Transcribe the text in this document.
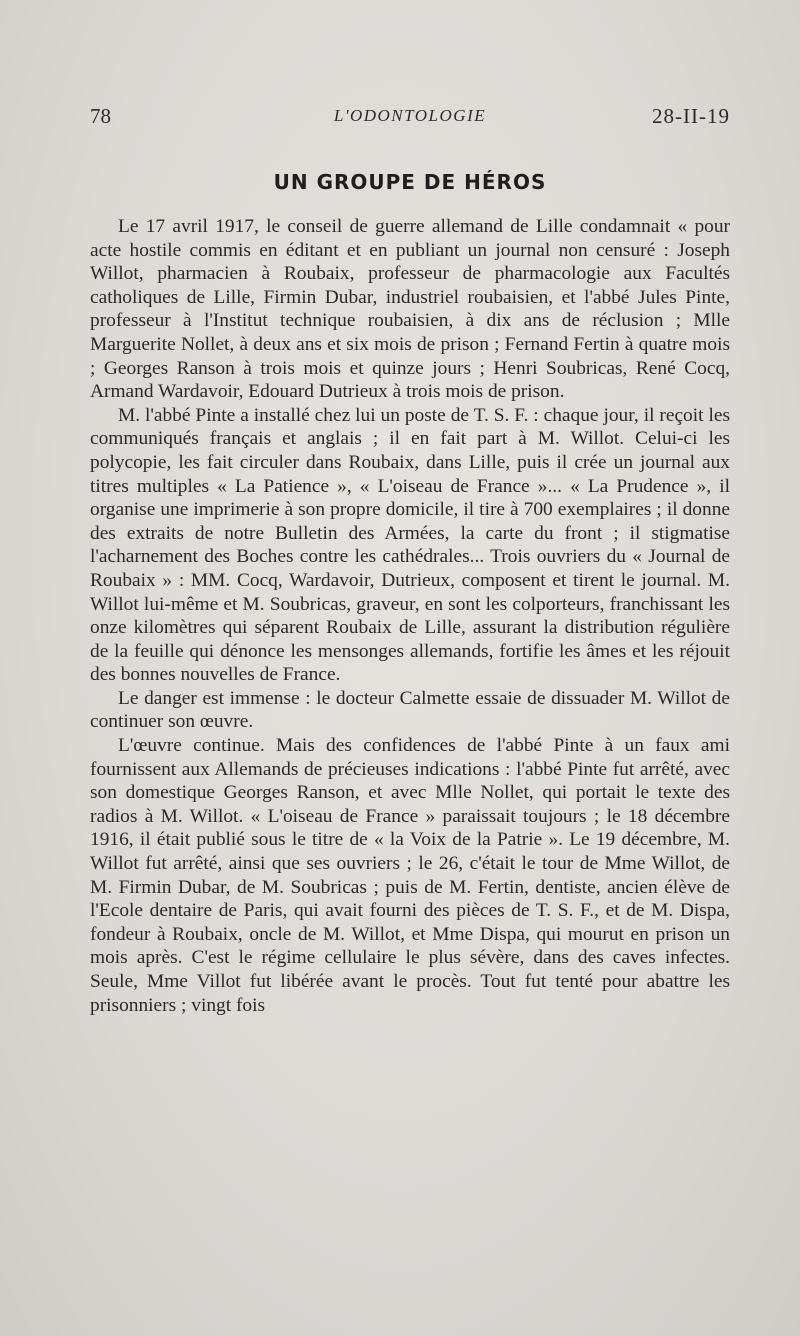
78	L'ODONTOLOGIE	28-II-19
UN GROUPE DE HÉROS

Le 17 avril 1917, le conseil de guerre allemand de Lille condamnait « pour acte hostile commis en éditant et en publiant un journal non censuré : Joseph Willot, pharmacien à Roubaix, professeur de pharmacologie aux Facultés catholiques de Lille, Firmin Dubar, industriel roubaisien, et l'abbé Jules Pinte, professeur à l'Institut technique roubaisien, à dix ans de réclusion ; Mlle Marguerite Nollet, à deux ans et six mois de prison ; Fernand Fertin à quatre mois ; Georges Ranson à trois mois et quinze jours ; Henri Soubricas, René Cocq, Armand Wardavoir, Edouard Dutrieux à trois mois de prison.

M. l'abbé Pinte a installé chez lui un poste de T. S. F. : chaque jour, il reçoit les communiqués français et anglais ; il en fait part à M. Willot. Celui-ci les polycopie, les fait circuler dans Roubaix, dans Lille, puis il crée un journal aux titres multiples « La Patience », « L'oiseau de France »... « La Prudence », il organise une imprimerie à son propre domicile, il tire à 700 exemplaires ; il donne des extraits de notre Bulletin des Armées, la carte du front ; il stigmatise l'acharnement des Boches contre les cathédrales... Trois ouvriers du « Journal de Roubaix » : MM. Cocq, Wardavoir, Dutrieux, composent et tirent le journal. M. Willot lui-même et M. Soubricas, graveur, en sont les colporteurs, franchissant les onze kilomètres qui séparent Roubaix de Lille, assurant la distribution régulière de la feuille qui dénonce les mensonges allemands, fortifie les âmes et les réjouit des bonnes nouvelles de France.

Le danger est immense : le docteur Calmette essaie de dissuader M. Willot de continuer son œuvre.

L'œuvre continue. Mais des confidences de l'abbé Pinte à un faux ami fournissent aux Allemands de précieuses indications : l'abbé Pinte fut arrêté, avec son domestique Georges Ranson, et avec Mlle Nollet, qui portait le texte des radios à M. Willot. « L'oiseau de France » paraissait toujours ; le 18 décembre 1916, il était publié sous le titre de « la Voix de la Patrie ». Le 19 décembre, M. Willot fut arrêté, ainsi que ses ouvriers ; le 26, c'était le tour de Mme Willot, de M. Firmin Dubar, de M. Soubricas ; puis de M. Fertin, dentiste, ancien élève de l'Ecole dentaire de Paris, qui avait fourni des pièces de T. S. F., et de M. Dispa, fondeur à Roubaix, oncle de M. Willot, et Mme Dispa, qui mourut en prison un mois après. C'est le régime cellulaire le plus sévère, dans des caves infectes. Seule, Mme Villot fut libérée avant le procès. Tout fut tenté pour abattre les prisonniers ; vingt fois
